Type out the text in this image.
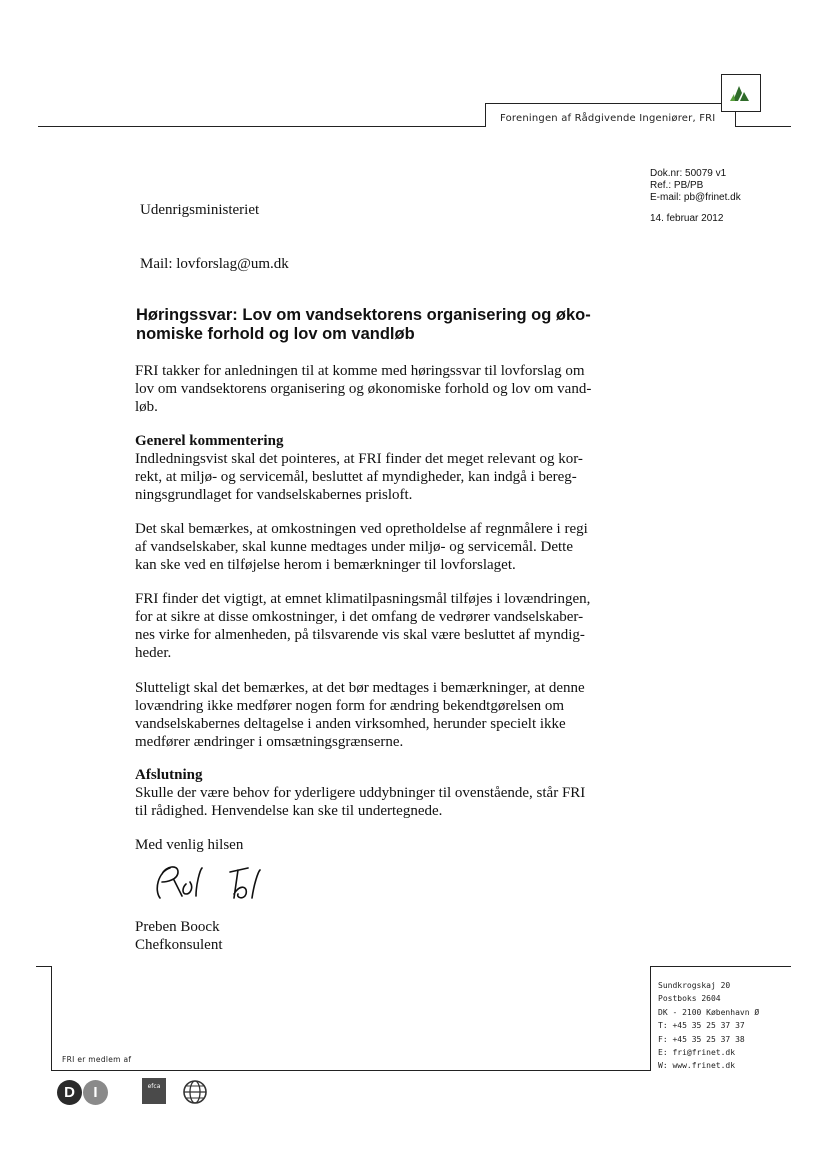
Foreningen af Rådgivende Ingeniører, FRI
Dok.nr: 50079 v1
Ref.: PB/PB
E-mail: pb@frinet.dk
14. februar 2012
Udenrigsministeriet
Mail: lovforslag@um.dk
Høringssvar: Lov om vandsektorens organisering og øko-
nomiske forhold og lov om vandløb
FRI takker for anledningen til at komme med høringssvar til lovforslag om
lov om vandsektorens organisering og økonomiske forhold og lov om vand-
løb.
Generel kommentering
Indledningsvist skal det pointeres, at FRI finder det meget relevant og kor-
rekt, at miljø- og servicemål, besluttet af myndigheder, kan indgå i bereg-
ningsgrundlaget for vandselskabernes prisloft.
Det skal bemærkes, at omkostningen ved opretholdelse af regnmålere i regi
af vandselskaber, skal kunne medtages under miljø- og servicemål. Dette
kan ske ved en tilføjelse herom i bemærkninger til lovforslaget.
FRI finder det vigtigt, at emnet klimatilpasningsmål tilføjes i lovændringen,
for at sikre at disse omkostninger, i det omfang de vedrører vandselskaber-
nes virke for almenheden, på tilsvarende vis skal være besluttet af myndig-
heder.
Slutteligt skal det bemærkes, at det bør medtages i bemærkninger, at denne
lovændring ikke medfører nogen form for ændring bekendtgørelsen om
vandselskabernes deltagelse i anden virksomhed, herunder specielt ikke
medfører ændringer i omsætningsgrænserne.
Afslutning
Skulle der være behov for yderligere uddybninger til ovenstående, står FRI
til rådighed. Henvendelse kan ske til undertegnede.
Med venlig hilsen
Preben Boock
Chefkonsulent
Sundkrogskaj 20
Postboks 2604
DK - 2100 København Ø
T: +45 35 25 37 37
F: +45 35 25 37 38
E: fri@frinet.dk
W: www.frinet.dk
FRI er medlem af
D	I	efca
